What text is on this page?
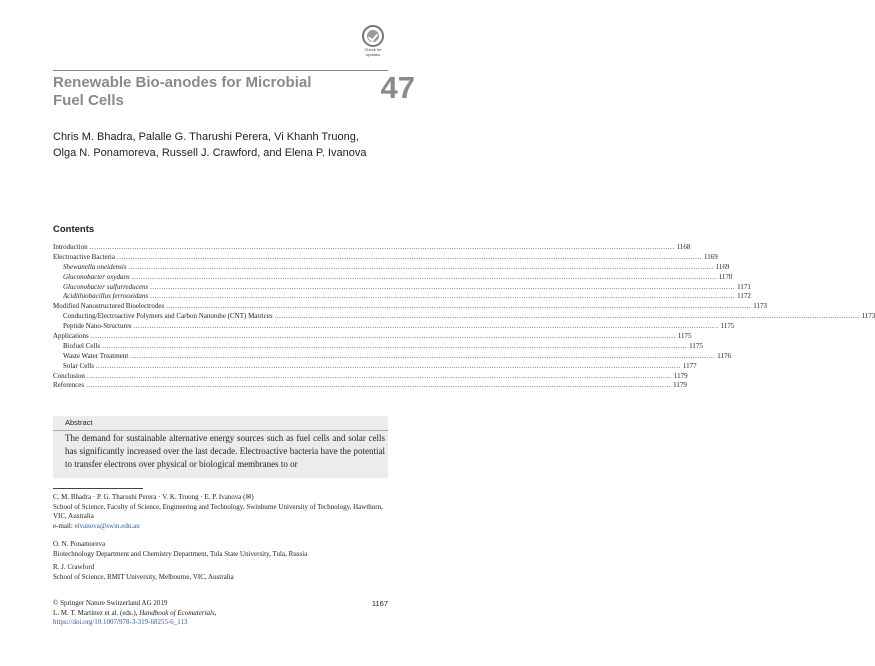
Check for
updates
Renewable Bio-anodes for Microbial
Fuel Cells	47
Chris M. Bhadra, Palalle G. Tharushi Perera, Vi Khanh Truong,
Olga N. Ponamoreva, Russell J. Crawford, and Elena P. Ivanova
Contents
Introduction .................................................................................................................................................................................................................................................................... 1168
Electroactive Bacteria .................................................................................................................................................................................................................................................................... 1169
Shewanella oneidensis .................................................................................................................................................................................................................................................................... 1169
Gluconobacter oxydans .................................................................................................................................................................................................................................................................... 1170
Gluconobacter sulfurreducens .................................................................................................................................................................................................................................................................... 1171
Acidithiobacillus ferrooxidans .................................................................................................................................................................................................................................................................... 1172
Modified Nanostructured Bioelectrodes .................................................................................................................................................................................................................................................................... 1173
Conducting/Electroactive Polymers and Carbon Nanotube (CNT) Matrices .................................................................................................................................................................................................................................................................... 1173
Peptide Nano-Structures .................................................................................................................................................................................................................................................................... 1175
Applications .................................................................................................................................................................................................................................................................... 1175
Biofuel Cells .................................................................................................................................................................................................................................................................... 1175
Waste Water Treatment .................................................................................................................................................................................................................................................................... 1176
Solar Cells .................................................................................................................................................................................................................................................................... 1177
Conclusion .................................................................................................................................................................................................................................................................... 1179
References .................................................................................................................................................................................................................................................................... 1179
Abstract
The demand for sustainable alternative energy sources such as fuel cells and solar cells has significantly increased over the last decade. Electroactive bacteria have the potential to transfer electrons over physical or biological membranes to or
C. M. Bhadra · P. G. Tharushi Perera · V. K. Truong · E. P. Ivanova (✉)
School of Science, Faculty of Science, Engineering and Technology, Swinburne University of Technology, Hawthorn, VIC, Australia
e-mail: eivanova@swin.edu.au
O. N. Ponamoreva
Biotechnology Department and Chemistry Department, Tula State University, Tula, Russia
R. J. Crawford
School of Science, RMIT University, Melbourne, VIC, Australia
© Springer Nature Switzerland AG 2019
L. M. T. Martínez et al. (eds.), Handbook of Ecomaterials,
https://doi.org/10.1007/978-3-319-68255-6_113
1167
